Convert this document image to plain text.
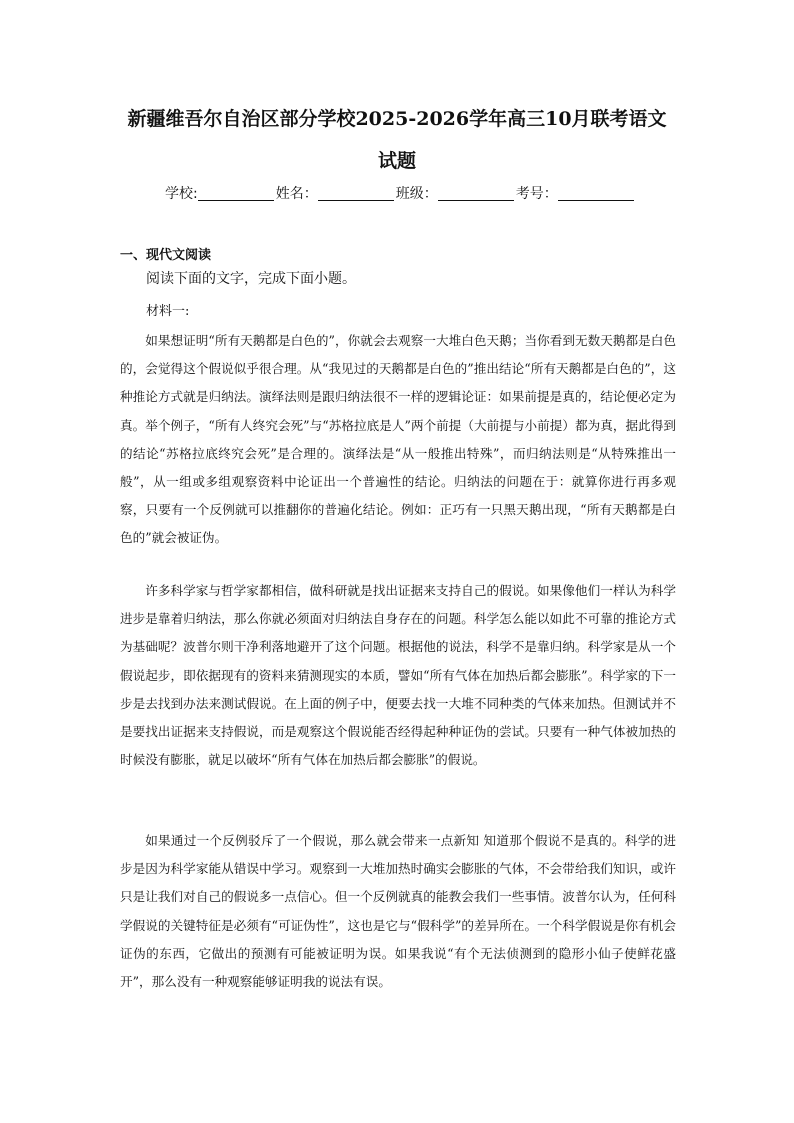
新疆维吾尔自治区部分学校2025-2026学年高三10月联考语文
试题
学校:	姓名：	班级：	考号：
一、现代文阅读
阅读下面的文字，完成下面小题。
材料一:
如果想证明“所有天鹅都是白色的”，你就会去观察一大堆白色天鹅；当你看到无数天鹅都是白色的，会觉得这个假说似乎很合理。从“我见过的天鹅都是白色的”推出结论“所有天鹅都是白色的”，这种推论方式就是归纳法。演绎法则是跟归纳法很不一样的逻辑论证：如果前提是真的，结论便必定为真。举个例子，“所有人终究会死”与“苏格拉底是人”两个前提（大前提与小前提）都为真，据此得到的结论“苏格拉底终究会死”是合理的。演绎法是“从一般推出特殊”，而归纳法则是“从特殊推出一般”，从一组或多组观察资料中论证出一个普遍性的结论。归纳法的问题在于：就算你进行再多观察，只要有一个反例就可以推翻你的普遍化结论。例如：正巧有一只黑天鹅出现，“所有天鹅都是白色的”就会被证伪。
许多科学家与哲学家都相信，做科研就是找出证据来支持自己的假说。如果像他们一样认为科学进步是靠着归纳法，那么你就必须面对归纳法自身存在的问题。科学怎么能以如此不可靠的推论方式为基础呢？波普尔则干净利落地避开了这个问题。根据他的说法，科学不是靠归纳。科学家是从一个假说起步，即依据现有的资料来猜测现实的本质，譬如“所有气体在加热后都会膨胀”。科学家的下一步是去找到办法来测试假说。在上面的例子中，便要去找一大堆不同种类的气体来加热。但测试并不是要找出证据来支持假说，而是观察这个假说能否经得起种种证伪的尝试。只要有一种气体被加热的时候没有膨胀，就足以破坏“所有气体在加热后都会膨胀”的假说。
如果通过一个反例驳斥了一个假说，那么就会带来一点新知 知道那个假说不是真的。科学的进步是因为科学家能从错误中学习。观察到一大堆加热时确实会膨胀的气体，不会带给我们知识，或许只是让我们对自己的假说多一点信心。但一个反例就真的能教会我们一些事情。波普尔认为，任何科学假说的关键特征是必须有“可证伪性”，这也是它与“假科学”的差异所在。一个科学假说是你有机会证伪的东西，它做出的预测有可能被证明为误。如果我说“有个无法侦测到的隐形小仙子使鲜花盛开”，那么没有一种观察能够证明我的说法有误。
